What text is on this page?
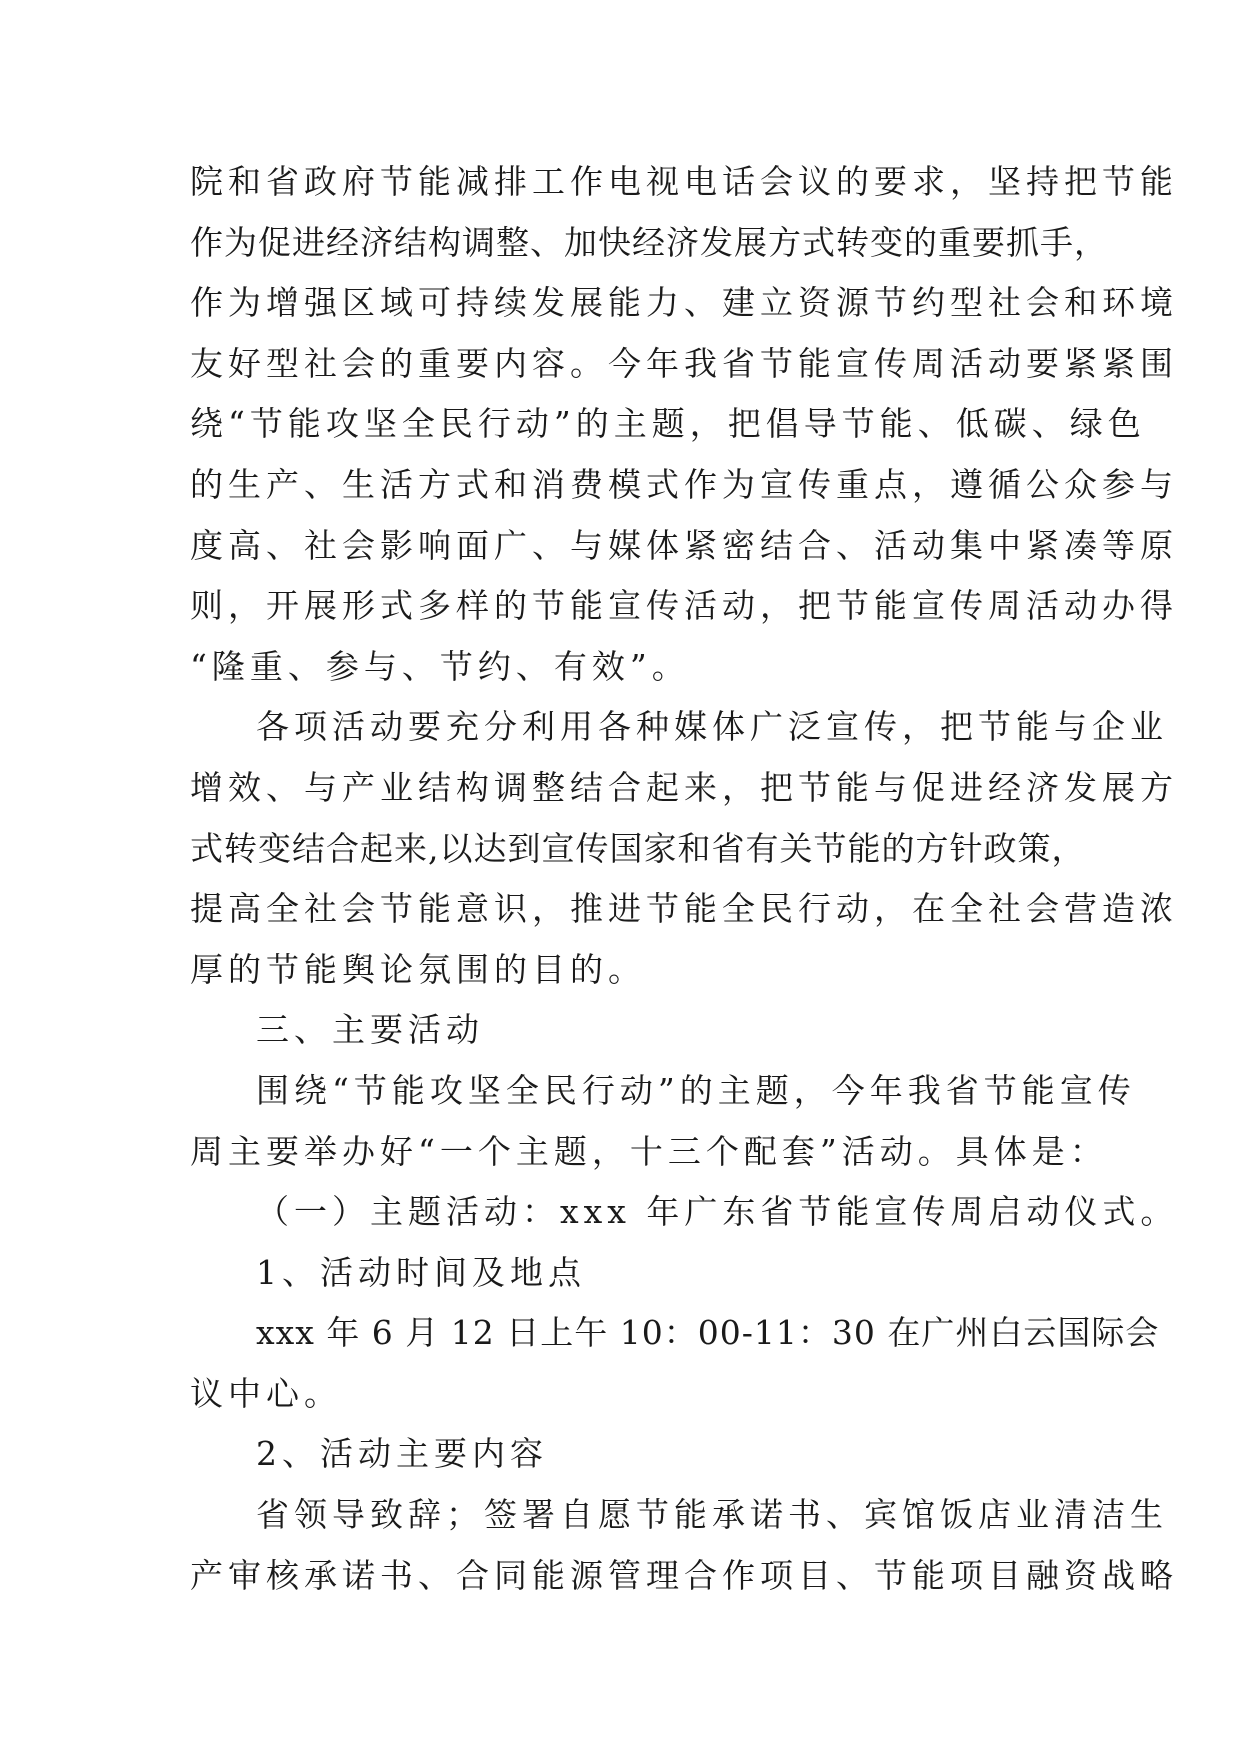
院和省政府节能减排工作电视电话会议的要求，坚持把节能
作为促进经济结构调整、加快经济发展方式转变的重要抓手，
作为增强区域可持续发展能力、建立资源节约型社会和环境
友好型社会的重要内容。今年我省节能宣传周活动要紧紧围
绕“节能攻坚全民行动”的主题，把倡导节能、低碳、绿色
的生产、生活方式和消费模式作为宣传重点，遵循公众参与
度高、社会影响面广、与媒体紧密结合、活动集中紧凑等原
则，开展形式多样的节能宣传活动，把节能宣传周活动办得
“隆重、参与、节约、有效”。
各项活动要充分利用各种媒体广泛宣传，把节能与企业
增效、与产业结构调整结合起来，把节能与促进经济发展方
式转变结合起来,以达到宣传国家和省有关节能的方针政策，
提高全社会节能意识，推进节能全民行动，在全社会营造浓
厚的节能舆论氛围的目的。
三、主要活动
围绕“节能攻坚全民行动”的主题，今年我省节能宣传
周主要举办好“一个主题，十三个配套”活动。具体是：
（一）主题活动：xxx 年广东省节能宣传周启动仪式。
1、活动时间及地点
xxx 年 6 月 12 日上午 10：00-11：30 在广州白云国际会
议中心。
2、活动主要内容
省领导致辞；签署自愿节能承诺书、宾馆饭店业清洁生
产审核承诺书、合同能源管理合作项目、节能项目融资战略
